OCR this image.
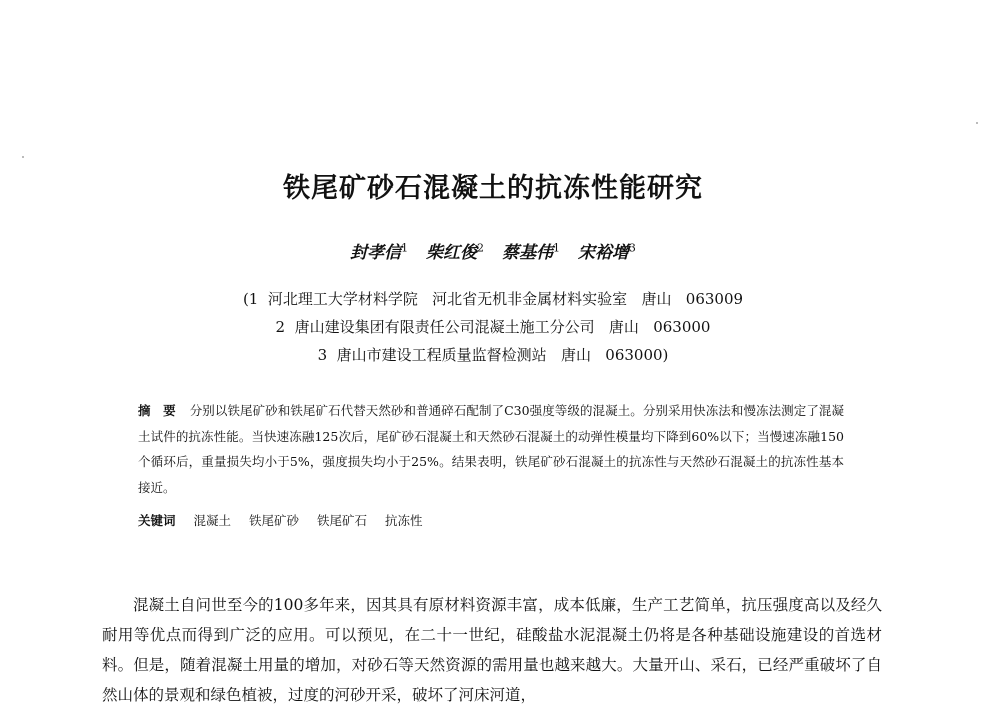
铁尾矿砂石混凝土的抗冻性能研究
封孝信$^1$ 柴红俊$^2$ 蔡基伟$^1$ 宋裕增$^3$
(1  河北理工大学材料学院   河北省无机非金属材料实验室   唐山   063009
2  唐山建设集团有限责任公司混凝土施工分公司   唐山   063000
3  唐山市建设工程质量监督检测站   唐山   063000)
摘　要 分别以铁尾矿砂和铁尾矿石代替天然砂和普通碎石配制了C30强度等级的混凝土。分别采用快冻法和慢冻法测定了混凝土试件的抗冻性能。当快速冻融125次后，尾矿砂石混凝土和天然砂石混凝土的动弹性模量均下降到60%以下；当慢速冻融150个循环后，重量损失均小于5%，强度损失均小于25%。结果表明，铁尾矿砂石混凝土的抗冻性与天然砂石混凝土的抗冻性基本接近。
关键词 混凝土 铁尾矿砂 铁尾矿石 抗冻性

混凝土自问世至今的100多年来，因其具有原材料资源丰富，成本低廉，生产工艺简单，抗压强度高以及经久耐用等优点而得到广泛的应用。可以预见，在二十一世纪，硅酸盐水泥混凝土仍将是各种基础设施建设的首选材料。但是，随着混凝土用量的增加，对砂石等天然资源的需用量也越来越大。大量开山、采石，已经严重破坏了自然山体的景观和绿色植被，过度的河砂开采，破坏了河床河道，
